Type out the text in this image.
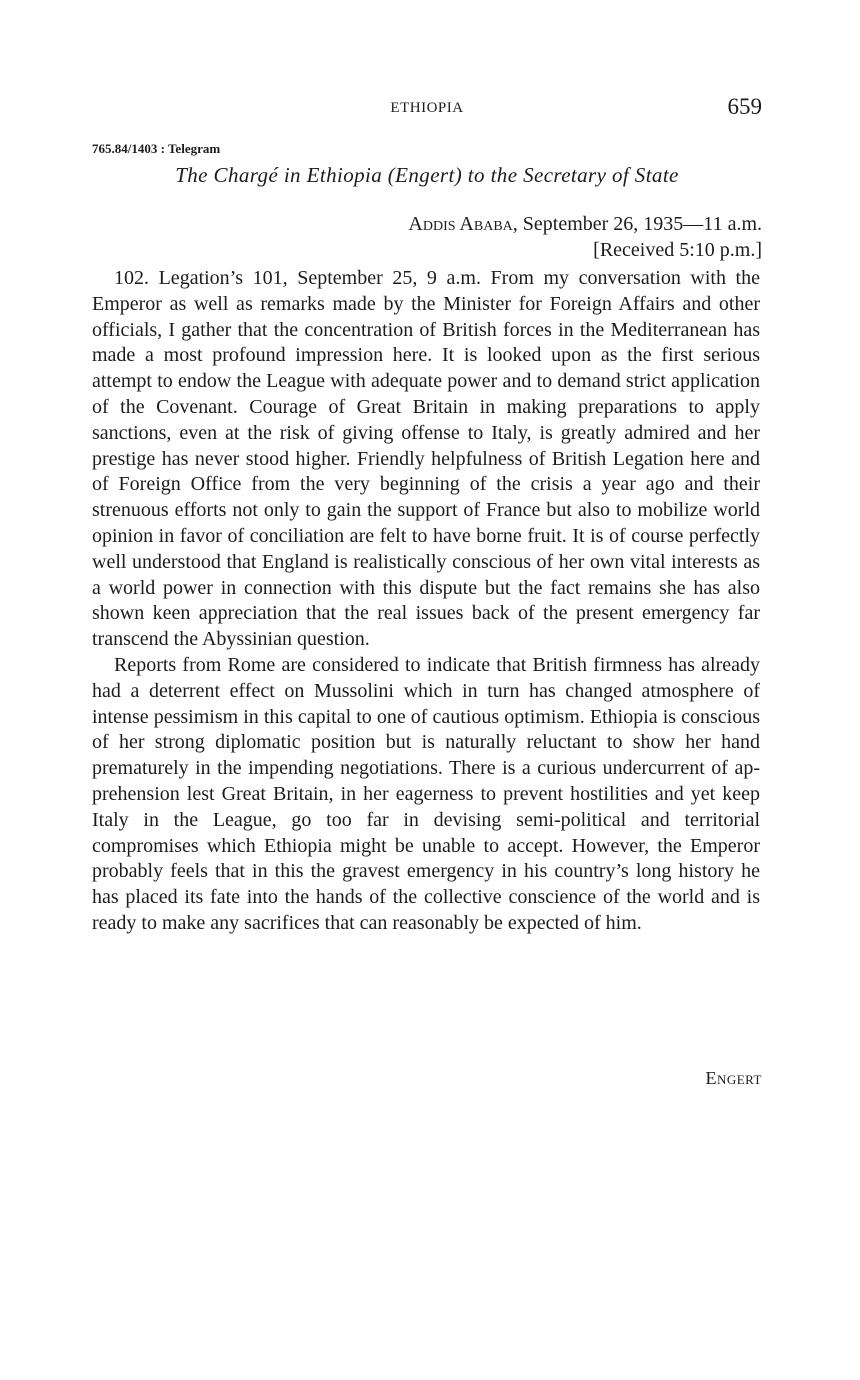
ETHIOPIA	659
765.84/1403 : Telegram
The Chargé in Ethiopia (Engert) to the Secretary of State
Addis Ababa, September 26, 1935—11 a.m.
[Received 5:10 p.m.]

102. Legation’s 101, September 25, 9 a.m. From my conversation with the Emperor as well as remarks made by the Minister for Foreign Affairs and other officials, I gather that the concentration of British forces in the Mediterranean has made a most profound impression here. It is looked upon as the first serious attempt to endow the League with adequate power and to demand strict application of the Covenant. Courage of Great Britain in making preparations to apply sanctions, even at the risk of giving offense to Italy, is greatly admired and her prestige has never stood higher. Friendly helpfulness of British Legation here and of Foreign Office from the very beginning of the crisis a year ago and their strenuous efforts not only to gain the support of France but also to mobilize world opinion in favor of conciliation are felt to have borne fruit. It is of course perfectly well understood that England is realistically conscious of her own vital interests as a world power in connection with this dispute but the fact remains she has also shown keen appreciation that the real issues back of the present emergency far transcend the Abyssinian question.

Reports from Rome are considered to indicate that British firmness has already had a deterrent effect on Mussolini which in turn has changed atmosphere of intense pessimism in this capital to one of cautious optimism. Ethiopia is conscious of her strong diplomatic position but is naturally reluctant to show her hand prematurely in the impending negotiations. There is a curious undercurrent of apprehension lest Great Britain, in her eagerness to prevent hostilities and yet keep Italy in the League, go too far in devising semi-political and territorial compromises which Ethiopia might be unable to accept. However, the Emperor probably feels that in this the gravest emergency in his country’s long history he has placed its fate into the hands of the collective conscience of the world and is ready to make any sacrifices that can reasonably be expected of him.

Engert
